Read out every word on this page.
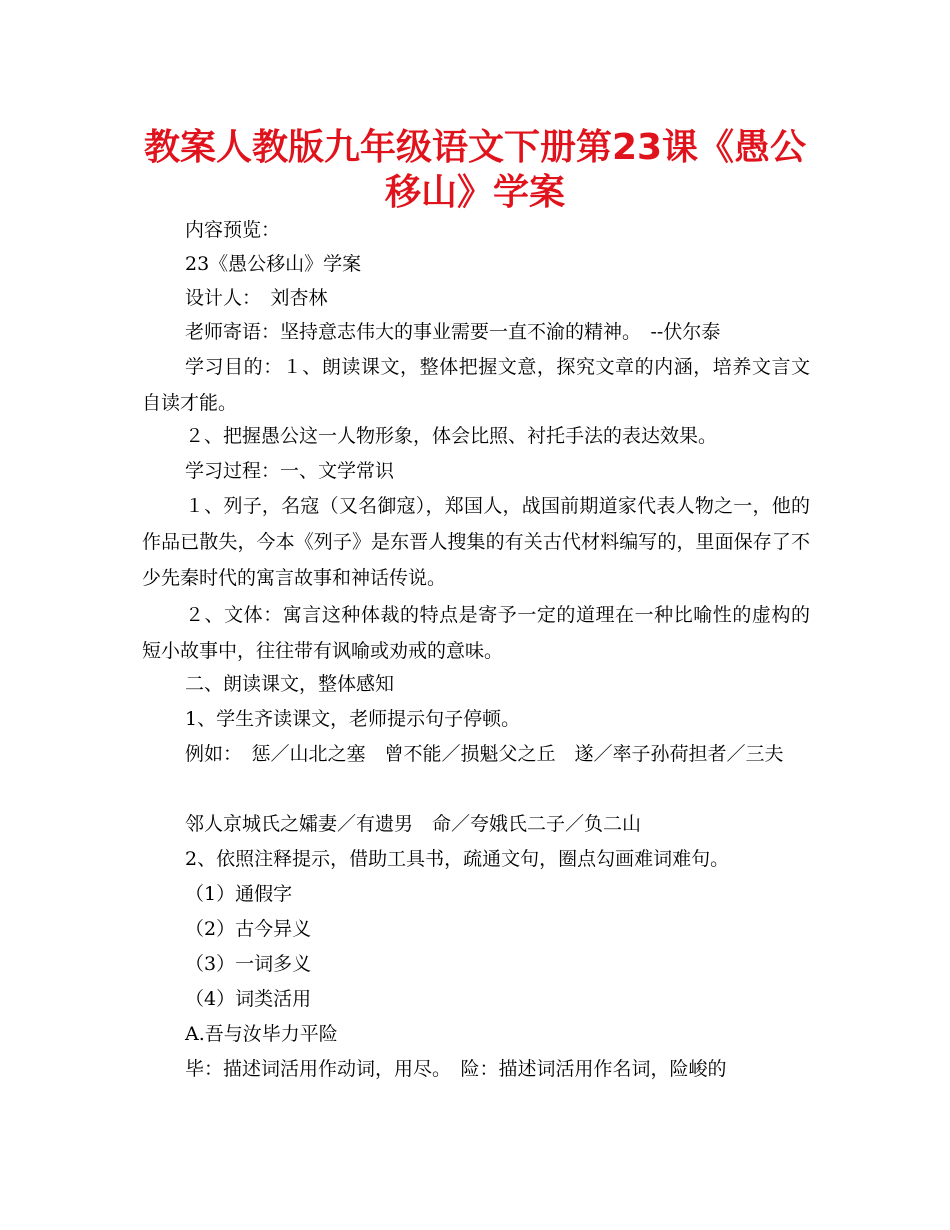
教案人教版九年级语文下册第23课《愚公
移山》学案

内容预览：

23《愚公移山》学案

设计人：　刘杏林

老师寄语：坚持意志伟大的事业需要一直不渝的精神。　--伏尔泰

学习目的：１、朗读课文，整体把握文意，探究文章的内涵，培养文言文自读才能。

２、把握愚公这一人物形象，体会比照、衬托手法的表达效果。

学习过程：一、文学常识

１、列子，名寇（又名御寇），郑国人，战国前期道家代表人物之一，他的作品已散失，今本《列子》是东晋人搜集的有关古代材料编写的，里面保存了不少先秦时代的寓言故事和神话传说。

２、文体：寓言这种体裁的特点是寄予一定的道理在一种比喻性的虚构的短小故事中，往往带有讽喻或劝戒的意味。

二、朗读课文，整体感知

1、学生齐读课文，老师提示句子停顿。

例如：　惩／山北之塞　曾不能／损魁父之丘　遂／率子孙荷担者／三夫

邻人京城氏之孀妻／有遗男　命／夸娥氏二子／负二山

2、依照注释提示，借助工具书，疏通文句，圈点勾画难词难句。

（1）通假字

（2）古今异义

（3）一词多义

（4）词类活用

A.吾与汝毕力平险

毕：描述词活用作动词，用尽。　险：描述词活用作名词，险峻的
